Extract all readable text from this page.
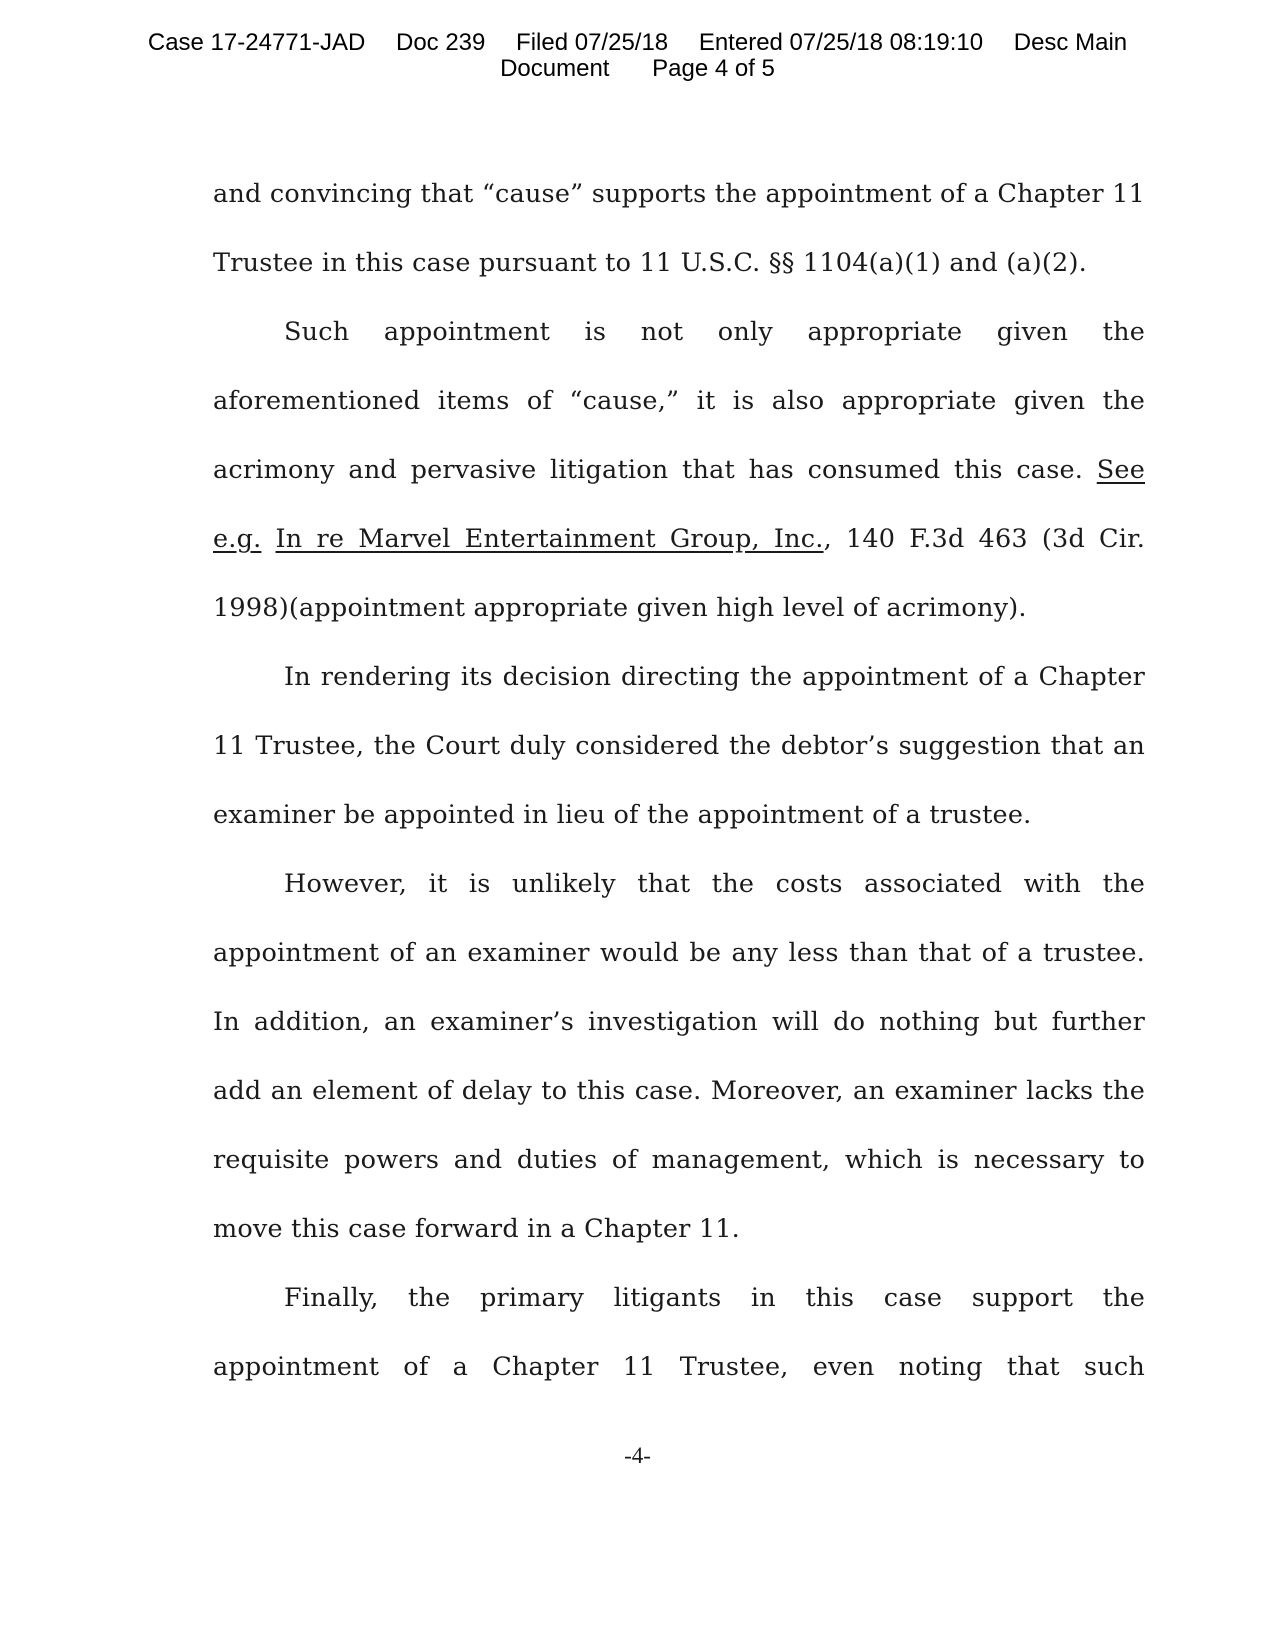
Case 17-24771-JAD Doc 239 Filed 07/25/18 Entered 07/25/18 08:19:10 Desc Main
Document Page 4 of 5

and convincing that “cause” supports the appointment of a Chapter 11 Trustee in this case pursuant to 11 U.S.C. §§ 1104(a)(1) and (a)(2).

Such appointment is not only appropriate given the aforementioned items of “cause,” it is also appropriate given the acrimony and pervasive litigation that has consumed this case. See e.g. In re Marvel Entertainment Group, Inc., 140 F.3d 463 (3d Cir. 1998)(appointment appropriate given high level of acrimony).

In rendering its decision directing the appointment of a Chapter 11 Trustee, the Court duly considered the debtor’s suggestion that an examiner be appointed in lieu of the appointment of a trustee.

However, it is unlikely that the costs associated with the appointment of an examiner would be any less than that of a trustee. In addition, an examiner’s investigation will do nothing but further add an element of delay to this case. Moreover, an examiner lacks the requisite powers and duties of management, which is necessary to move this case forward in a Chapter 11.

Finally, the primary litigants in this case support the appointment of a Chapter 11 Trustee, even noting that such

-4-
